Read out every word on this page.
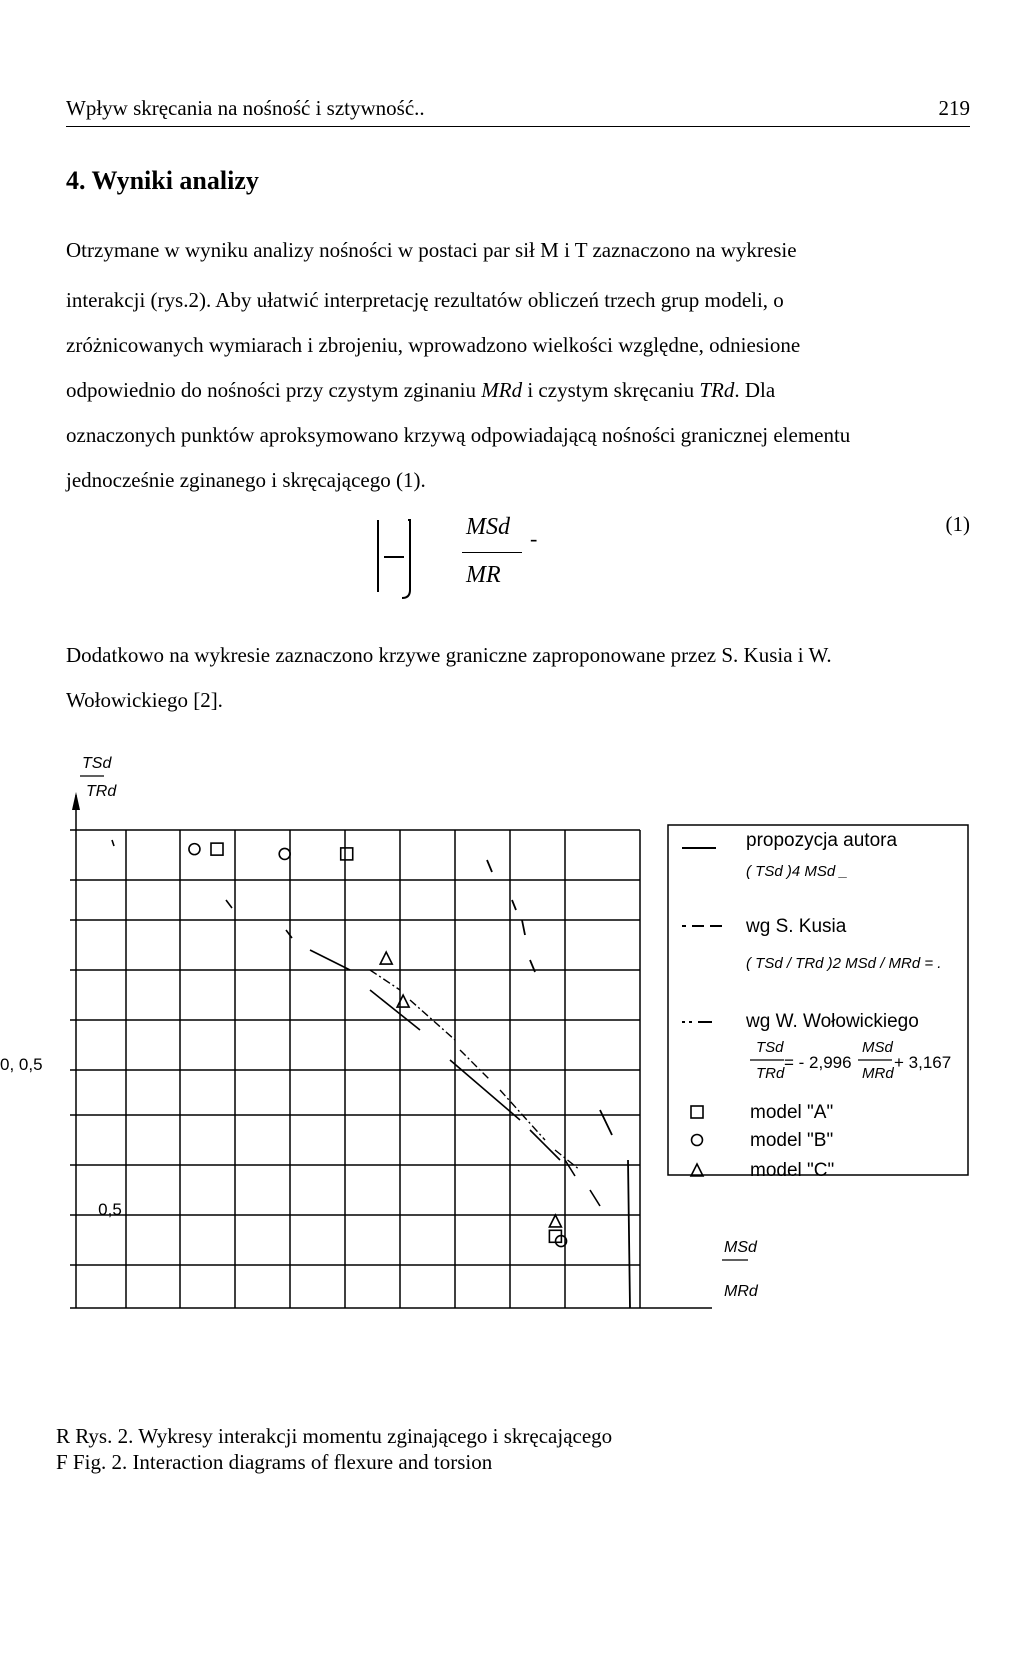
Wpływ skręcania na nośność i sztywność..	219
4. Wyniki analizy
Otrzymane w wyniku analizy nośności w postaci par sił M i T zaznaczono na wykresie
interakcji (rys.2). Aby ułatwić interpretację rezultatów obliczeń trzech grup modeli, o
zróżnicowanych wymiarach i zbrojeniu, wprowadzono wielkości względne, odniesione
odpowiednio do nośności przy czystym zginaniu MRd i czystym skręcaniu TRd. Dla
oznaczonych punktów aproksymowano krzywą odpowiadającą nośności granicznej elementu
jednocześnie zginanego i skręcającego (1).
MSd -
MR
(1)
Dodatkowo na wykresie zaznaczono krzywe graniczne zaproponowane przez S. Kusia i W.
Wołowickiego [2].
TSd
TRd
0,5
0, 0,5
MSd
MRd
propozycja autora
( TSd )4 MSd _
wg S. Kusia
( TSd / TRd )2 MSd / MRd = .
wg W. Wołowickiego
TSd TRd
= - 2,996
MSd MRd
+ 3,167
model "A"
model "B"
model "C"
R Rys. 2. Wykresy interakcji momentu zginającego i skręcającego
F Fig. 2. Interaction diagrams of flexure and torsion
